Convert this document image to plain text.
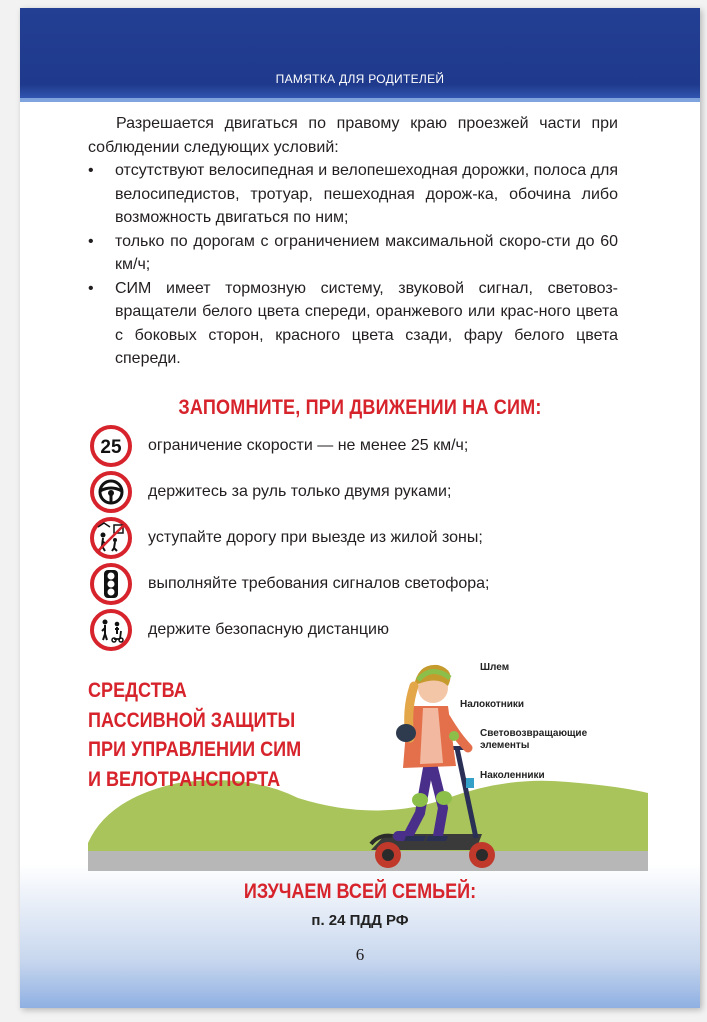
ПАМЯТКА ДЛЯ РОДИТЕЛЕЙ
Разрешается двигаться по правому краю проезжей части при соблюдении следующих условий:
• отсутствуют велосипедная и велопешеходная дорожки, полоса для велосипедистов, тротуар, пешеходная дорож-ка, обочина либо возможность двигаться по ним;
• только по дорогам с ограничением максимальной скоро-сти до 60 км/ч;
• СИМ имеет тормозную систему, звуковой сигнал, световоз-вращатели белого цвета спереди, оранжевого или крас-ного цвета с боковых сторон, красного цвета сзади, фару белого цвета спереди.
ЗАПОМНИТЕ, ПРИ ДВИЖЕНИИ НА СИМ:
25 ограничение скорости — не менее 25 км/ч;
держитесь за руль только двумя руками;
уступайте дорогу при выезде из жилой зоны;
выполняйте требования сигналов светофора;
держите безопасную дистанцию
СРЕДСТВА
ПАССИВНОЙ ЗАЩИТЫ
ПРИ УПРАВЛЕНИИ СИМ
И ВЕЛОТРАНСПОРТА
Шлем
Налокотники
Световозвращающие
элементы
Наколенники
ИЗУЧАЕМ ВСЕЙ СЕМЬЕЙ:
п. 24 ПДД РФ
6
